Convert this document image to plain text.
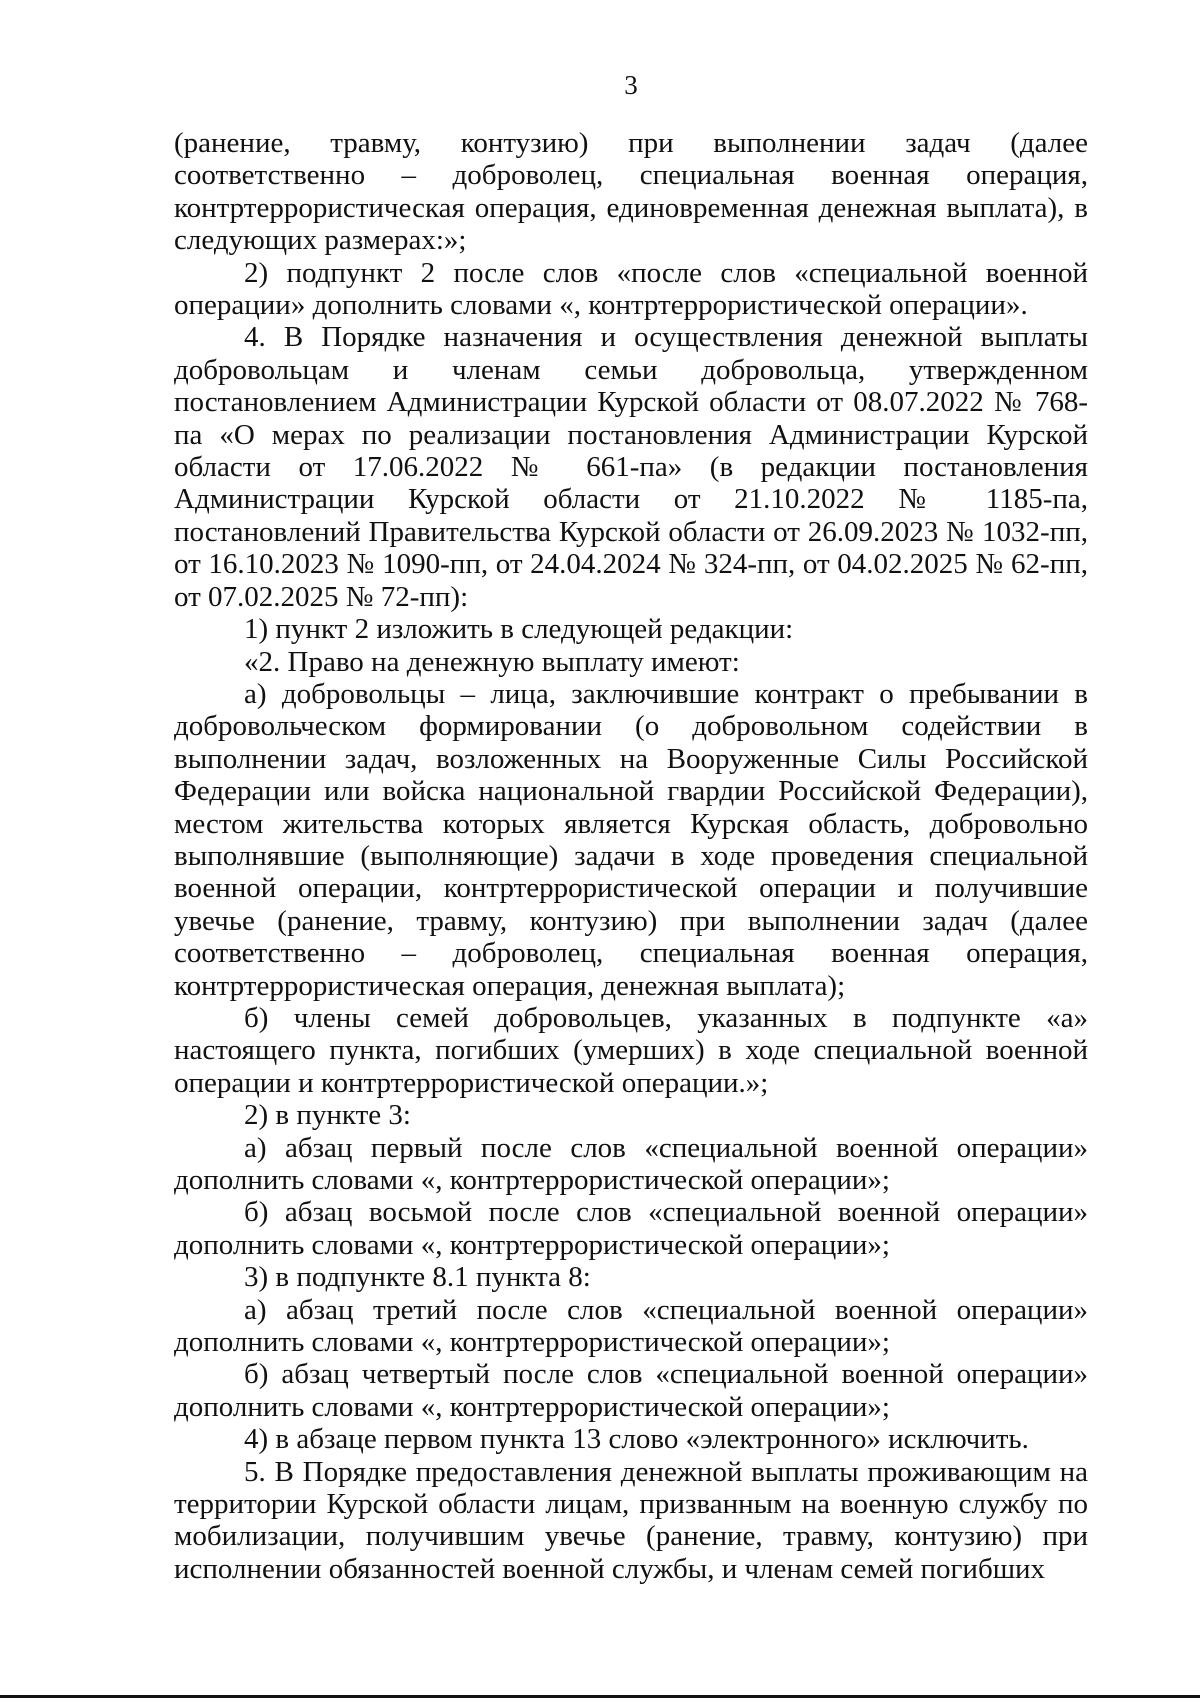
3

(ранение, травму, контузию) при выполнении задач (далее соответственно – доброволец, специальная военная операция, контртеррористическая операция, единовременная денежная выплата), в следующих размерах:»;

2) подпункт 2 после слов «после слов «специальной военной операции» дополнить словами «, контртеррористической операции».

4. В Порядке назначения и осуществления денежной выплаты добровольцам и членам семьи добровольца, утвержденном постановлением Администрации Курской области от 08.07.2022 № 768-па «О мерах по реализации постановления Администрации Курской области от 17.06.2022 № 661-па» (в редакции постановления Администрации Курской области от 21.10.2022 № 1185-па, постановлений Правительства Курской области от 26.09.2023 № 1032-пп, от 16.10.2023 № 1090-пп, от 24.04.2024 № 324-пп, от 04.02.2025 № 62-пп, от 07.02.2025 № 72-пп):

1) пункт 2 изложить в следующей редакции:

«2. Право на денежную выплату имеют:

а) добровольцы – лица, заключившие контракт о пребывании в добровольческом формировании (о добровольном содействии в выполнении задач, возложенных на Вооруженные Силы Российской Федерации или войска национальной гвардии Российской Федерации), местом жительства которых является Курская область, добровольно выполнявшие (выполняющие) задачи в ходе проведения специальной военной операции, контртеррористической операции и получившие увечье (ранение, травму, контузию) при выполнении задач (далее соответственно – доброволец, специальная военная операция, контртеррористическая операция, денежная выплата);

б) члены семей добровольцев, указанных в подпункте «а» настоящего пункта, погибших (умерших) в ходе специальной военной операции и контртеррористической операции.»;

2) в пункте 3:

а) абзац первый после слов «специальной военной операции» дополнить словами «, контртеррористической операции»;

б) абзац восьмой после слов «специальной военной операции» дополнить словами «, контртеррористической операции»;

3) в подпункте 8.1 пункта 8:

а) абзац третий после слов «специальной военной операции» дополнить словами «, контртеррористической операции»;

б) абзац четвертый после слов «специальной военной операции» дополнить словами «, контртеррористической операции»;

4) в абзаце первом пункта 13 слово «электронного» исключить.

5. В Порядке предоставления денежной выплаты проживающим на территории Курской области лицам, призванным на военную службу по мобилизации, получившим увечье (ранение, травму, контузию) при исполнении обязанностей военной службы, и членам семей погибших
